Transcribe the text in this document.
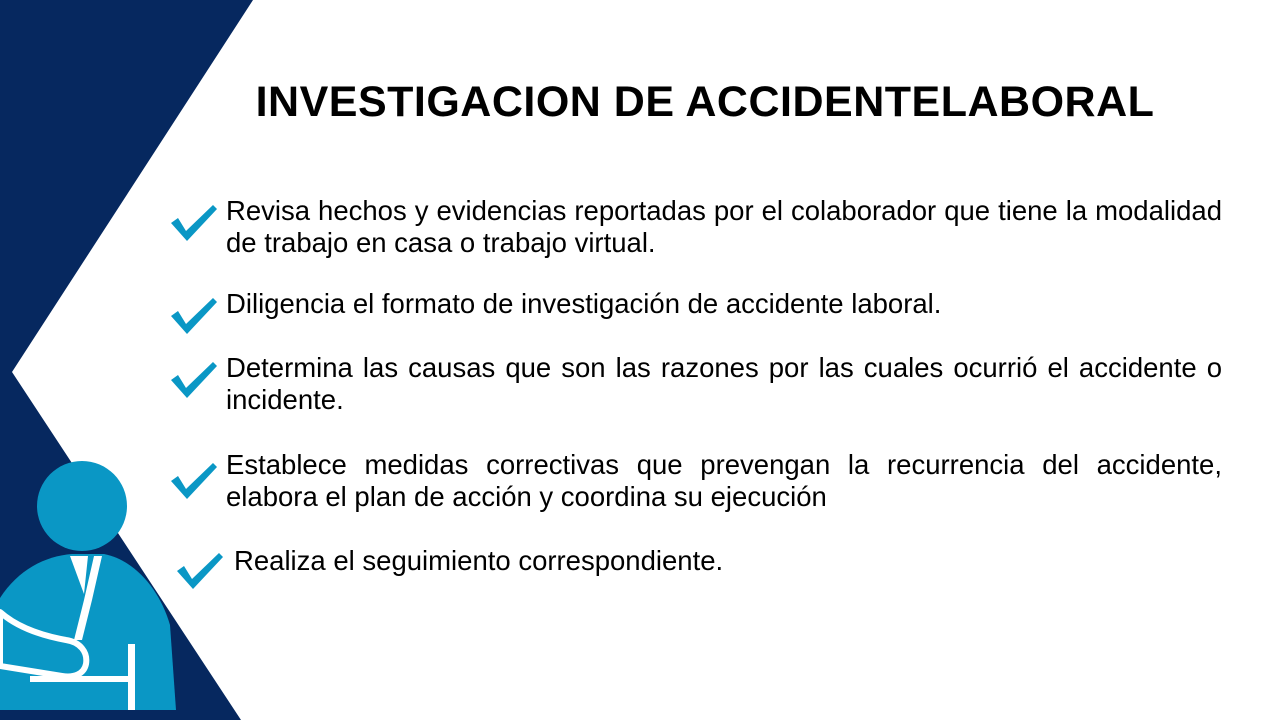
INVESTIGACION DE ACCIDENTELABORAL
Revisa hechos y evidencias reportadas por el colaborador que tiene la modalidad de trabajo en casa o trabajo virtual.
Diligencia el formato de investigación de accidente laboral.
Determina las causas que son las razones por las cuales ocurrió el accidente o incidente.
Establece medidas correctivas que prevengan la recurrencia del accidente, elabora el plan de acción y coordina su ejecución
Realiza el seguimiento correspondiente.
